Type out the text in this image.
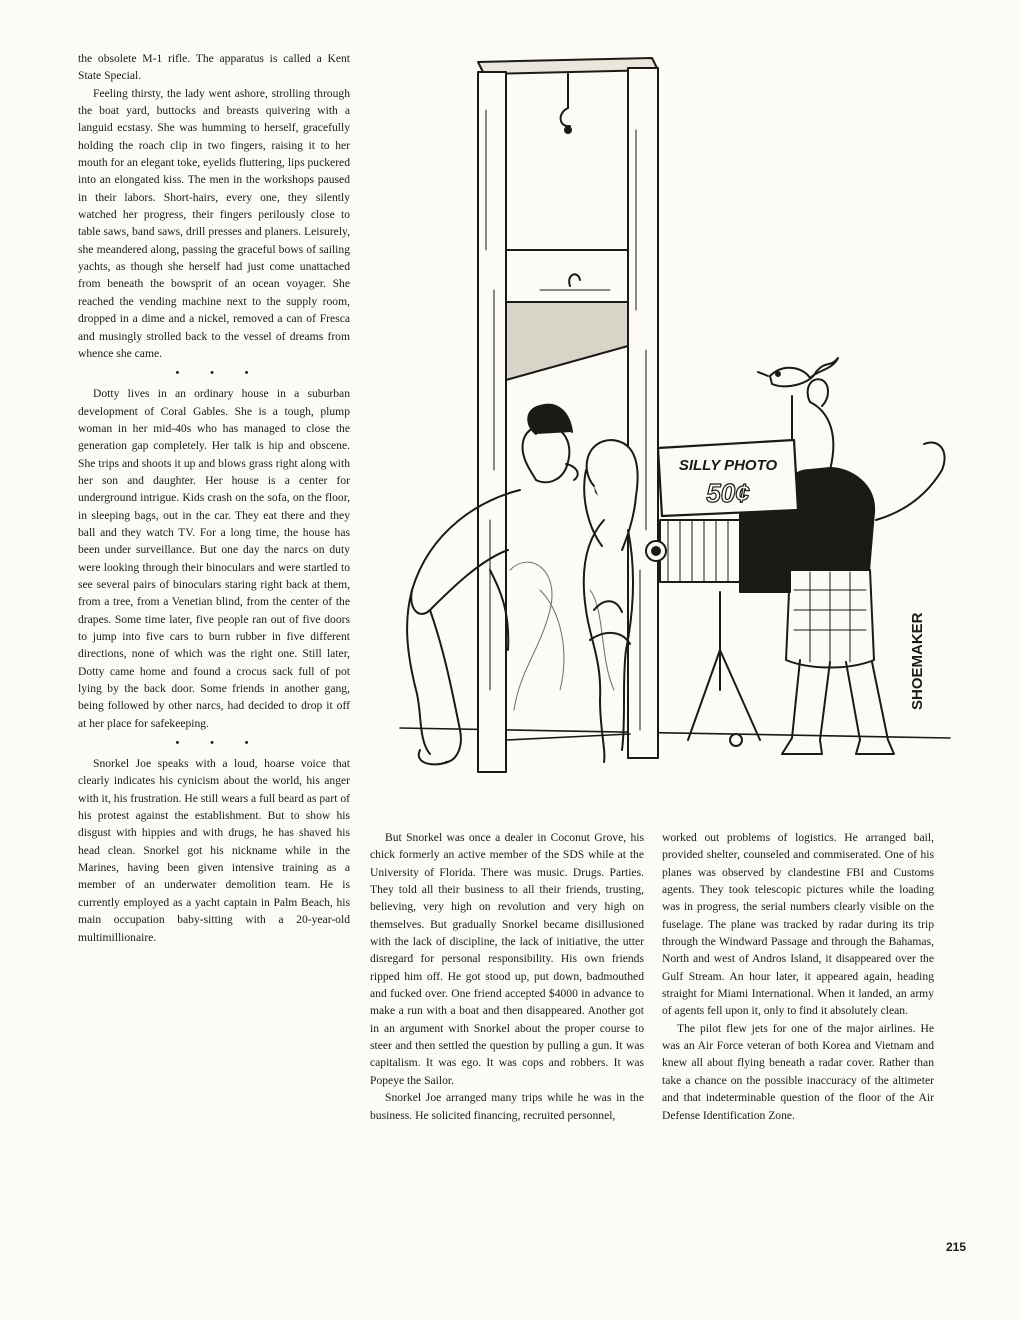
the obsolete M-1 rifle. The apparatus is called a Kent State Special.

Feeling thirsty, the lady went ashore, strolling through the boat yard, buttocks and breasts quivering with a languid ecstasy. She was humming to herself, gracefully holding the roach clip in two fingers, raising it to her mouth for an elegant toke, eyelids fluttering, lips puckered into an elongated kiss. The men in the workshops paused in their labors. Short-hairs, every one, they silently watched her progress, their fingers perilously close to table saws, band saws, drill presses and planers. Leisurely, she meandered along, passing the graceful bows of sailing yachts, as though she herself had just come unattached from beneath the bowsprit of an ocean voyager. She reached the vending machine next to the supply room, dropped in a dime and a nickel, removed a can of Fresca and musingly strolled back to the vessel of dreams from whence she came.

• • •

Dotty lives in an ordinary house in a suburban development of Coral Gables. She is a tough, plump woman in her mid-40s who has managed to close the generation gap completely. Her talk is hip and obscene. She trips and shoots it up and blows grass right along with her son and daughter. Her house is a center for underground intrigue. Kids crash on the sofa, on the floor, in sleeping bags, out in the car. They eat there and they ball and they watch TV. For a long time, the house has been under surveillance. But one day the narcs on duty were looking through their binoculars and were startled to see several pairs of binoculars staring right back at them, from a tree, from a Venetian blind, from the center of the drapes. Some time later, five people ran out of five doors to jump into five cars to burn rubber in five different directions, none of which was the right one. Still later, Dotty came home and found a crocus sack full of pot lying by the back door. Some friends in another gang, being followed by other narcs, had decided to drop it off at her place for safekeeping.

• • •

Snorkel Joe speaks with a loud, hoarse voice that clearly indicates his cynicism about the world, his anger with it, his frustration. He still wears a full beard as part of his protest against the establishment. But to show his disgust with hippies and with drugs, he has shaved his head clean. Snorkel got his nickname while in the Marines, having been given intensive training as a member of an underwater demolition team. He is currently employed as a yacht captain in Palm Beach, his main occupation baby-sitting with a 20-year-old multimillionaire.

But Snorkel was once a dealer in Coconut Grove, his chick formerly an active member of the SDS while at the University of Florida. There was music. Drugs. Parties. They told all their business to all their friends, trusting, believing, very high on revolution and very high on themselves. But gradually Snorkel became disillusioned with the lack of discipline, the lack of initiative, the utter disregard for personal responsibility. His own friends ripped him off. He got stood up, put down, badmouthed and fucked over. One friend accepted $4000 in advance to make a run with a boat and then disappeared. Another got in an argument with Snorkel about the proper course to steer and then settled the question by pulling a gun. It was capitalism. It was ego. It was cops and robbers. It was Popeye the Sailor.

Snorkel Joe arranged many trips while he was in the business. He solicited financing, recruited personnel,

worked out problems of logistics. He arranged bail, provided shelter, counseled and commiserated. One of his planes was observed by clandestine FBI and Customs agents. They took telescopic pictures while the loading was in progress, the serial numbers clearly visible on the fuselage. The plane was tracked by radar during its trip through the Windward Passage and through the Bahamas, North and west of Andros Island, it disappeared over the Gulf Stream. An hour later, it appeared again, heading straight for Miami International. When it landed, an army of agents fell upon it, only to find it absolutely clean.

The pilot flew jets for one of the major airlines. He was an Air Force veteran of both Korea and Vietnam and knew all about flying beneath a radar cover. Rather than take a chance on the possible inaccuracy of the altimeter and that indeterminable question of the floor of the Air Defense Identification Zone.

215
SILLY PHOTO
50¢
SHOEMAKER
